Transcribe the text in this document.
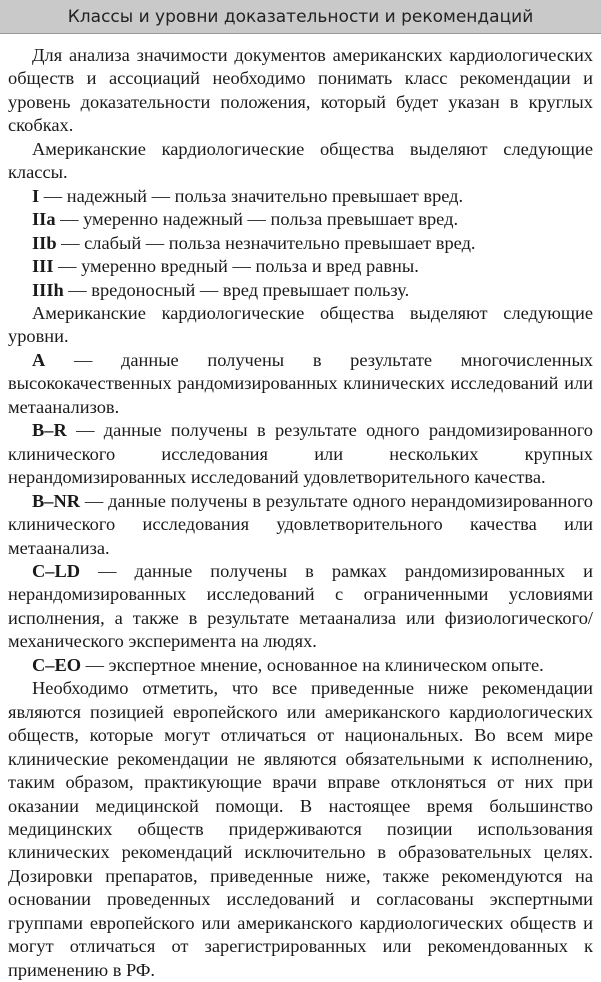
Классы и уровни доказательности и рекомендаций

Для анализа значимости документов американских кардиологических обществ и ассоциаций необходимо понимать класс рекомендации и уровень доказательности положения, который будет указан в круглых скобках.

Американские кардиологические общества выделяют следующие классы.

I — надежный — польза значительно превышает вред.

IIa — умеренно надежный — польза превышает вред.

IIb — слабый — польза незначительно превышает вред.

III — умеренно вредный — польза и вред равны.

IIIh — вредоносный — вред превышает пользу.

Американские кардиологические общества выделяют следующие уровни.

A — данные получены в результате многочисленных высококачественных рандомизированных клинических исследований или метаанализов.

B–R — данные получены в результате одного рандомизированного клинического исследования или нескольких крупных нерандомизированных исследований удовлетворительного качества.

B–NR — данные получены в результате одного нерандомизированного клинического исследования удовлетворительного качества или метаанализа.

C–LD — данные получены в рамках рандомизированных и нерандомизированных исследований с ограниченными условиями исполнения, а также в результате метаанализа или физиологического/механического эксперимента на людях.

C–EO — экспертное мнение, основанное на клиническом опыте.

Необходимо отметить, что все приведенные ниже рекомендации являются позицией европейского или американского кардиологических обществ, которые могут отличаться от национальных. Во всем мире клинические рекомендации не являются обязательными к исполнению, таким образом, практикующие врачи вправе отклоняться от них при оказании медицинской помощи. В настоящее время большинство медицинских обществ придерживаются позиции использования клинических рекомендаций исключительно в образовательных целях. Дозировки препаратов, приведенные ниже, также рекомендуются на основании проведенных исследований и согласованы экспертными группами европейского или американского кардиологических обществ и могут отличаться от зарегистрированных или рекомендованных к применению в РФ.
